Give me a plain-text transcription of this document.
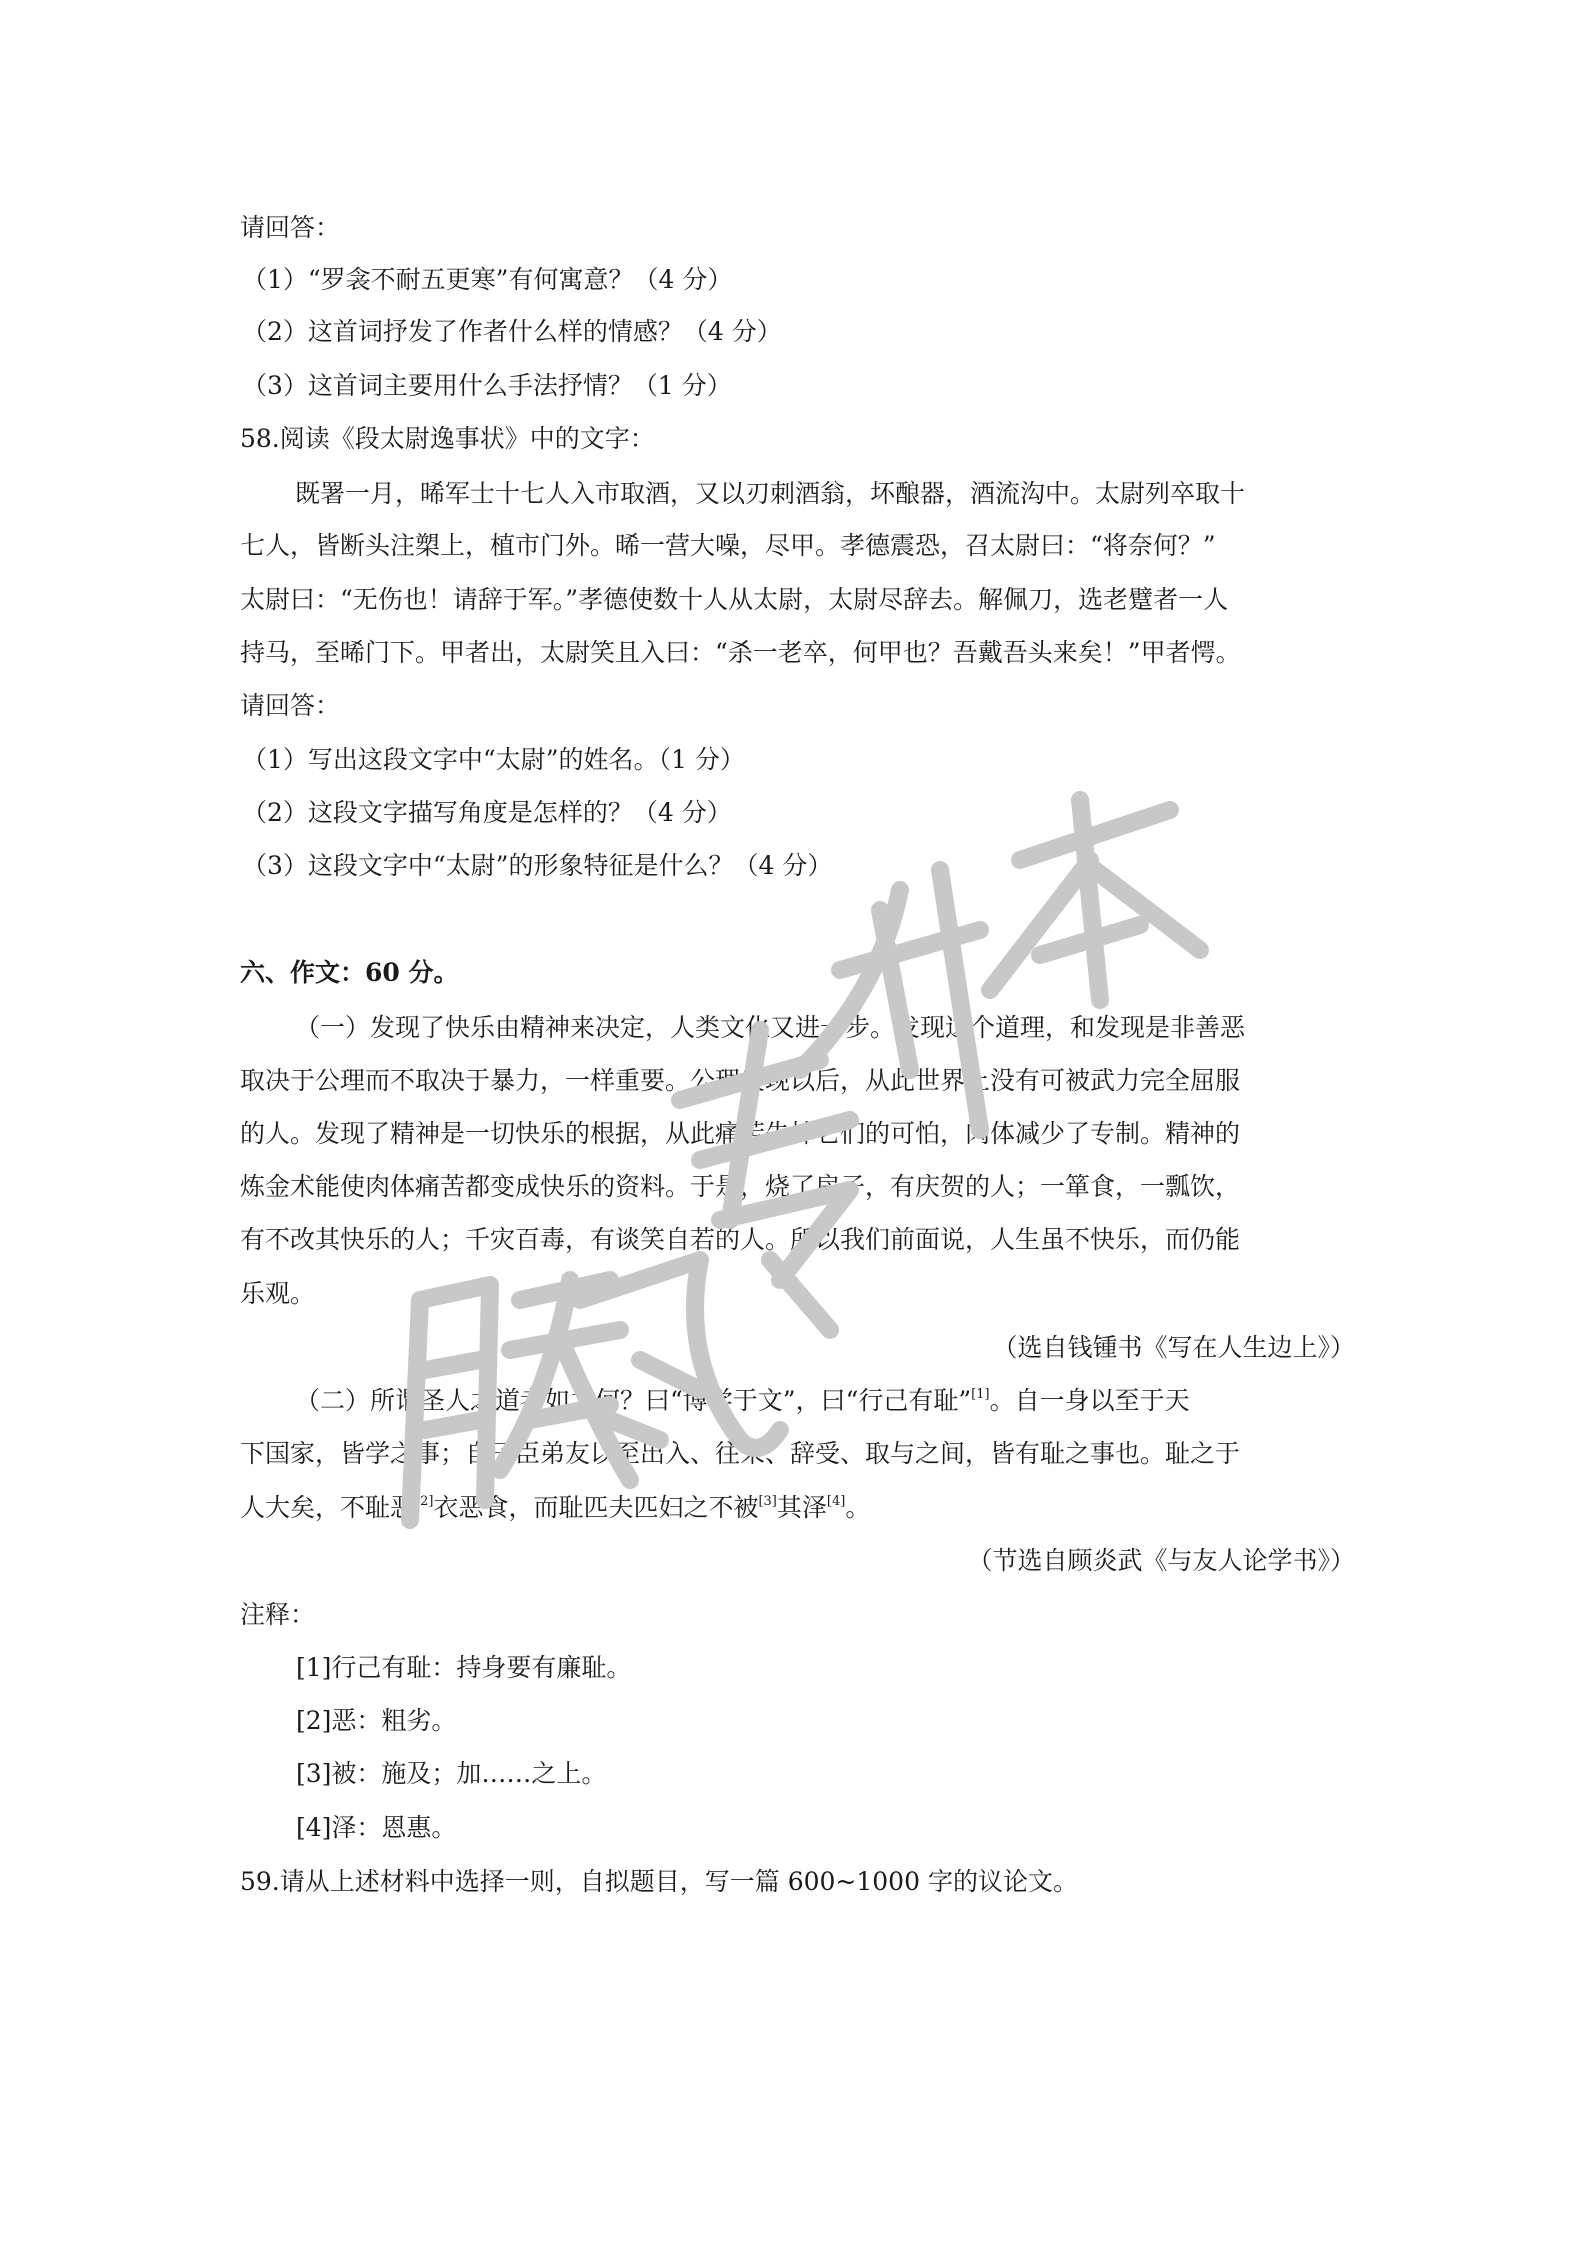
请回答：
（1）“罗衾不耐五更寒”有何寓意？（4 分）
（2）这首词抒发了作者什么样的情感？（4 分）
（3）这首词主要用什么手法抒情？（1 分）
58.阅读《段太尉逸事状》中的文字：
既署一月，晞军士十七人入市取酒，又以刃刺酒翁，坏酿器，酒流沟中。太尉列卒取十
七人，皆断头注槊上，植市门外。晞一营大噪，尽甲。孝德震恐，召太尉曰：“将奈何？”
太尉曰：“无伤也！请辞于军。”孝德使数十人从太尉，太尉尽辞去。解佩刀，选老躄者一人
持马，至晞门下。甲者出，太尉笑且入曰：“杀一老卒，何甲也？吾戴吾头来矣！”甲者愕。
请回答：
（1）写出这段文字中“太尉”的姓名。（1 分）
（2）这段文字描写角度是怎样的？（4 分）
（3）这段文字中“太尉”的形象特征是什么？（4 分）
六、作文：60 分。
（一）发现了快乐由精神来决定，人类文化又进一步。发现这个道理，和发现是非善恶
取决于公理而不取决于暴力，一样重要。公理发现以后，从此世界上没有可被武力完全屈服
的人。发现了精神是一切快乐的根据，从此痛苦失掉它们的可怕，肉体减少了专制。精神的
炼金术能使肉体痛苦都变成快乐的资料。于是，烧了房子，有庆贺的人；一箪食，一瓢饮，
有不改其快乐的人；千灾百毒，有谈笑自若的人。所以我们前面说，人生虽不快乐，而仍能
乐观。
（选自钱锺书《写在人生边上》）
（二）所谓圣人之道者如之何？曰“博学于文”，曰“行己有耻”[1]。自一身以至于天
下国家，皆学之事；自子臣弟友以至出入、往来、辞受、取与之间，皆有耻之事也。耻之于
人大矣，不耻恶[2]衣恶食，而耻匹夫匹妇之不被[3]其泽[4]。
（节选自顾炎武《与友人论学书》）
注释：
[1]行己有耻：持身要有廉耻。
[2]恶：粗劣。
[3]被：施及；加……之上。
[4]泽：恩惠。
59.请从上述材料中选择一则，自拟题目，写一篇 600~1000 字的议论文。
